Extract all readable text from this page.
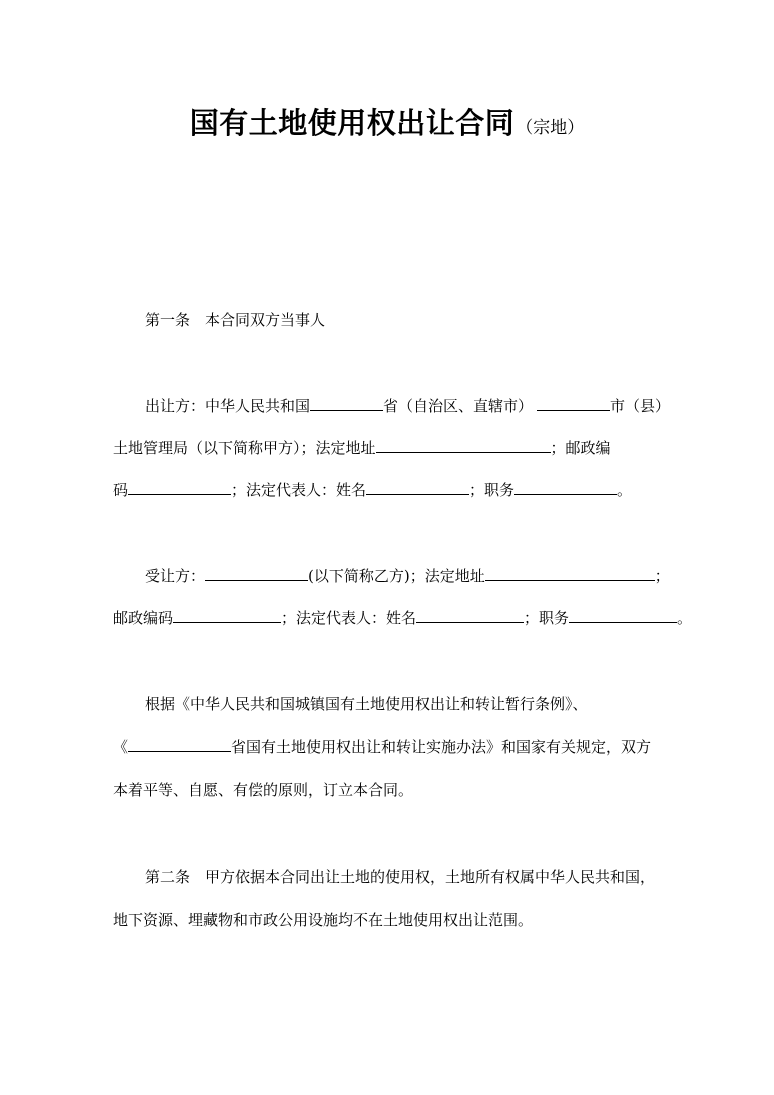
国有土地使用权出让合同 （宗地）
第一条　本合同双方当事人
出让方：中华人民共和国	省（自治区、直辖市）	市（县）
土地管理局（以下简称甲方）；法定地址	；邮政编
码	；法定代表人：姓名	；职务	。
受让方：	(以下简称乙方)；法定地址	；
邮政编码	；法定代表人：姓名	；职务	。
根据《中华人民共和国城镇国有土地使用权出让和转让暂行条例》、
《	省国有土地使用权出让和转让实施办法》和国家有关规定，双方
本着平等、自愿、有偿的原则，订立本合同。
第二条　甲方依据本合同出让土地的使用权，土地所有权属中华人民共和国，
地下资源、埋藏物和市政公用设施均不在土地使用权出让范围。
